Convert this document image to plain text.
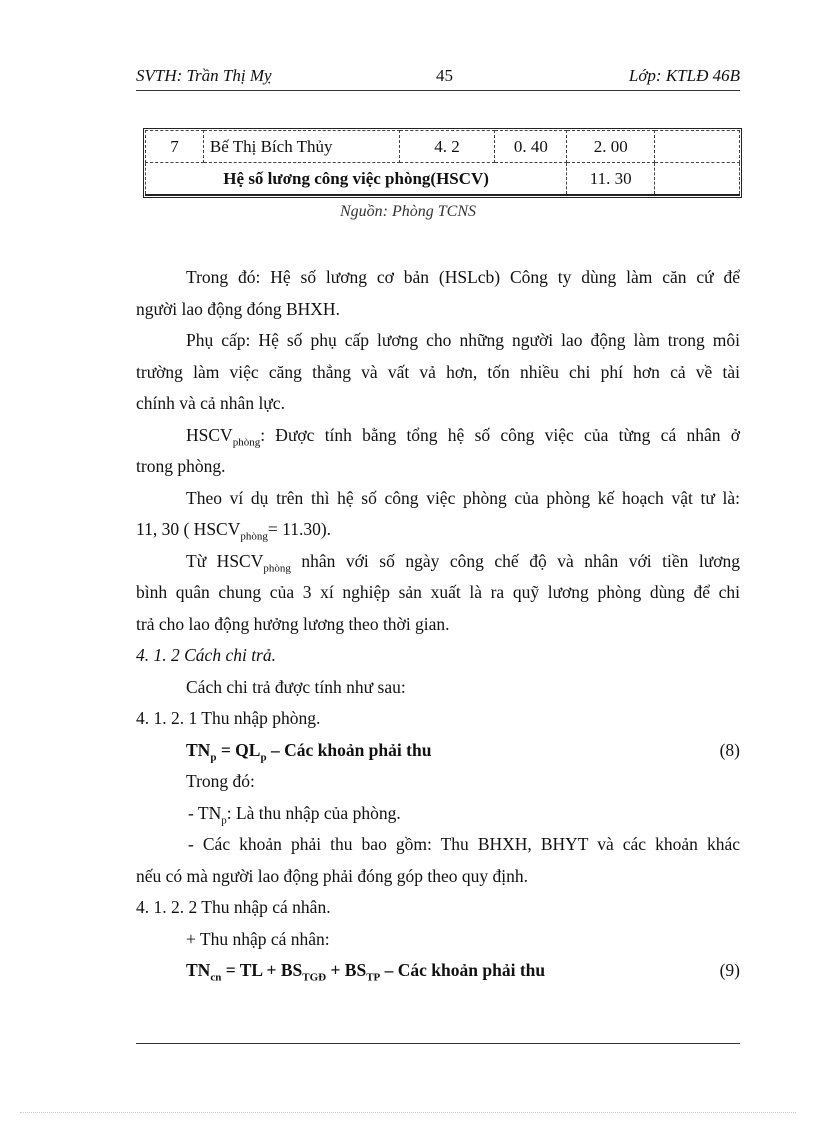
SVTH: Trần Thị Mỵ	45	Lớp: KTLĐ 46B
7	Bế Thị Bích Thủy	4. 2	0. 40	2. 00	
Hệ số lương công việc phòng(HSCV)				11. 30	
Nguồn: Phòng TCNS
Trong đó: Hệ số lương cơ bản (HSLcb) Công ty dùng làm căn cứ để
người lao động đóng BHXH.
Phụ cấp: Hệ số phụ cấp lương cho những người lao động làm trong môi
trường làm việc căng thẳng và vất vả hơn, tốn nhiều chi phí hơn cả về tài
chính và cả nhân lực.
$HSCV_{phòng}$: Được tính bằng tổng hệ số công việc của từng cá nhân ở
trong phòng.
Theo ví dụ trên thì hệ số công việc phòng của phòng kế hoạch vật tư là:
11, 30 ( $HSCV_{phòng}= 11.30$).
Từ $HSCV_{phòng}$ nhân với số ngày công chế độ và nhân với tiền lương
bình quân chung của 3 xí nghiệp sản xuất là ra quỹ lương phòng dùng để chi
trả cho lao động hưởng lương theo thời gian.
4. 1. 2 Cách chi trả.
Cách chi trả được tính như sau:
4. 1. 2. 1 Thu nhập phòng.
$TN_p = QL_p$ – Các khoản phải thu	(8)
Trong đó:
- $TN_p$: Là thu nhập của phòng.
- Các khoản phải thu bao gồm: Thu BHXH, BHYT và các khoản khác
nếu có mà người lao động phải đóng góp theo quy định.
4. 1. 2. 2 Thu nhập cá nhân.
+ Thu nhập cá nhân:
$TN_{cn}$ = TL + $BS_{TGĐ} + BS_{TP}$ – Các khoản phải thu	(9)
